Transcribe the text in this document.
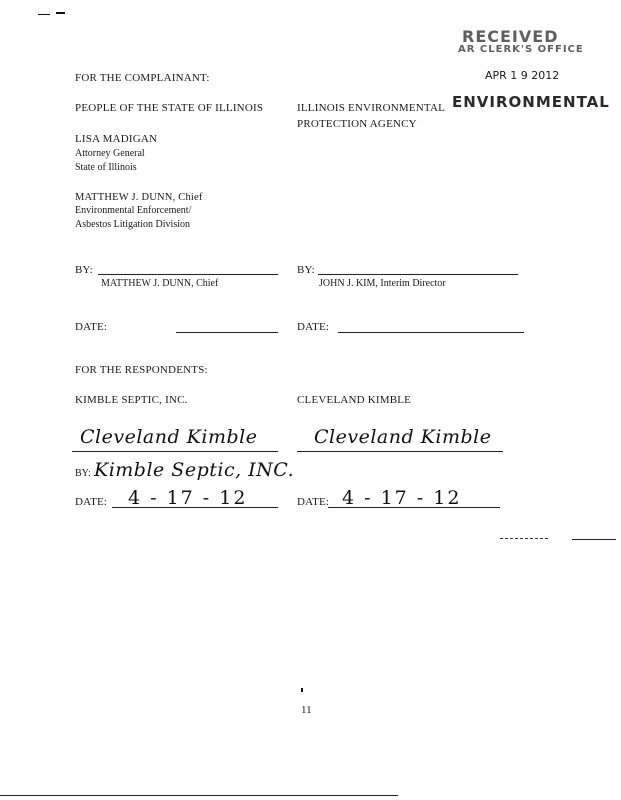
RECEIVED
AR CLERK'S OFFICE
APR 1 9 2012
ENVIRONMENTAL
FOR THE COMPLAINANT:
PEOPLE OF THE STATE OF ILLINOIS	ILLINOIS ENVIRONMENTAL
PROTECTION AGENCY
LISA MADIGAN
Attorney General
State of Illinois
MATTHEW J. DUNN, Chief
Environmental Enforcement/
Asbestos Litigation Division
BY:
MATTHEW J. DUNN, Chief
BY:
JOHN J. KIM, Interim Director
DATE:	DATE:
FOR THE RESPONDENTS:
KIMBLE SEPTIC, INC.	CLEVELAND KIMBLE
Cleveland Kimble	Cleveland Kimble
BY: Kimble Septic, INC.
DATE: 4 - 17 - 12	DATE: 4 - 17 - 12
11
